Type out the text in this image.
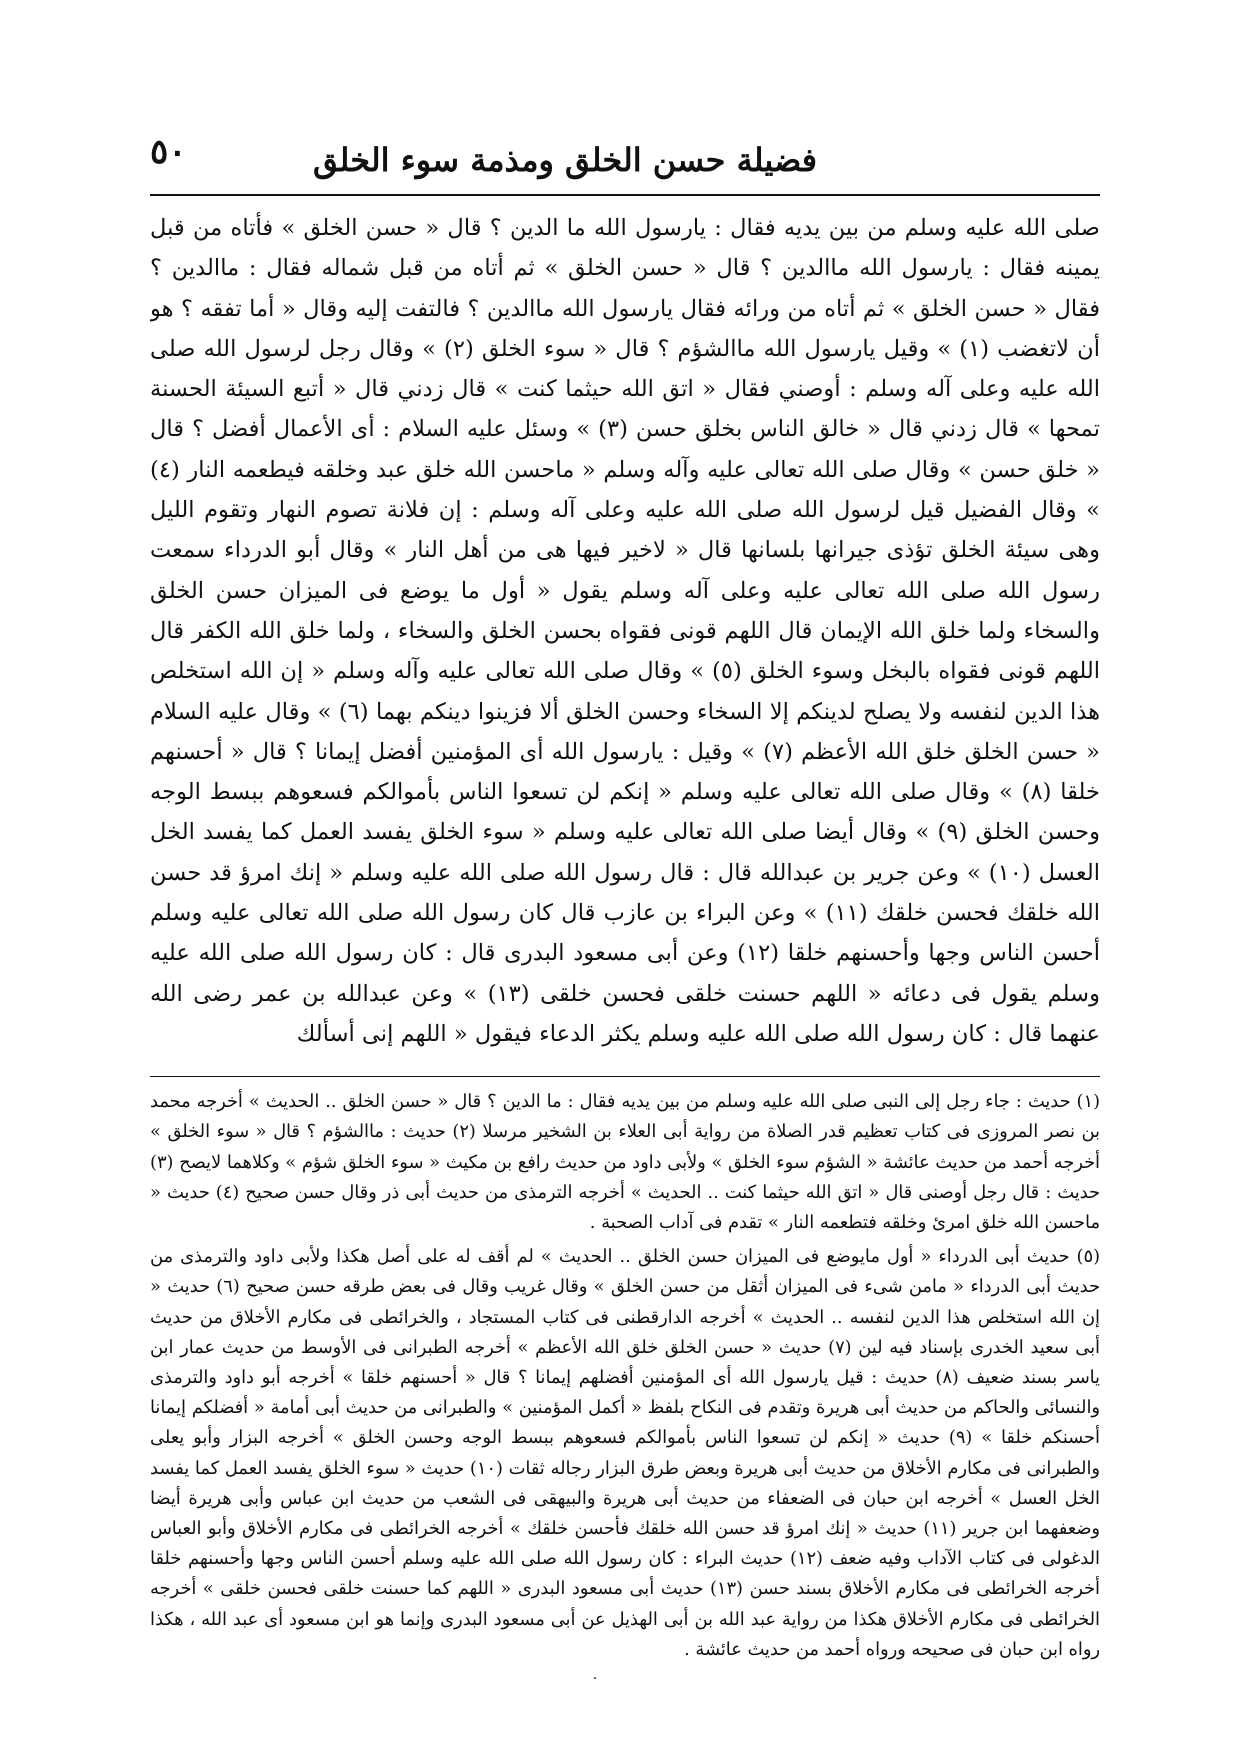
فضيلة حسن الخلق ومذمة سوء الخلق
٥٠

صلى الله عليه وسلم من بين يديه فقال : يارسول الله ما الدين ؟ قال « حسن الخلق » فأتاه من قبل يمينه فقال : يارسول الله ماالدين ؟ قال « حسن الخلق » ثم أتاه من قبل شماله فقال : ماالدين ؟ فقال « حسن الخلق » ثم أتاه من ورائه فقال يارسول الله ماالدين ؟ فالتفت إليه وقال « أما تفقه ؟ هو أن لاتغضب (١) » وقيل يارسول الله ماالشؤم ؟ قال « سوء الخلق (٢) » وقال رجل لرسول الله صلى الله عليه وعلى آله وسلم : أوصني فقال « اتق الله حيثما كنت » قال زدني قال « أتبع السيئة الحسنة تمحها » قال زدني قال « خالق الناس بخلق حسن (٣) » وسئل عليه السلام : أى الأعمال أفضل ؟ قال « خلق حسن » وقال صلى الله تعالى عليه وآله وسلم « ماحسن الله خلق عبد وخلقه فيطعمه النار (٤) » وقال الفضيل قيل لرسول الله صلى الله عليه وعلى آله وسلم : إن فلانة تصوم النهار وتقوم الليل وهى سيئة الخلق تؤذى جيرانها بلسانها قال « لاخير فيها هى من أهل النار » وقال أبو الدرداء سمعت رسول الله صلى الله تعالى عليه وعلى آله وسلم يقول « أول ما يوضع فى الميزان حسن الخلق والسخاء ولما خلق الله الإيمان قال اللهم قونى فقواه بحسن الخلق والسخاء ، ولما خلق الله الكفر قال اللهم قونى فقواه بالبخل وسوء الخلق (٥) » وقال صلى الله تعالى عليه وآله وسلم « إن الله استخلص هذا الدين لنفسه ولا يصلح لدينكم إلا السخاء وحسن الخلق ألا فزينوا دينكم بهما (٦) » وقال عليه السلام « حسن الخلق خلق الله الأعظم (٧) » وقيل : يارسول الله أى المؤمنين أفضل إيمانا ؟ قال « أحسنهم خلقا (٨) » وقال صلى الله تعالى عليه وسلم « إنكم لن تسعوا الناس بأموالكم فسعوهم ببسط الوجه وحسن الخلق (٩) » وقال أيضا صلى الله تعالى عليه وسلم « سوء الخلق يفسد العمل كما يفسد الخل العسل (١٠) » وعن جرير بن عبدالله قال : قال رسول الله صلى الله عليه وسلم « إنك امرؤ قد حسن الله خلقك فحسن خلقك (١١) » وعن البراء بن عازب قال كان رسول الله صلى الله تعالى عليه وسلم أحسن الناس وجها وأحسنهم خلقا (١٢) وعن أبى مسعود البدرى قال : كان رسول الله صلى الله عليه وسلم يقول فى دعائه « اللهم حسنت خلقى فحسن خلقى (١٣) » وعن عبدالله بن عمر رضى الله عنهما قال : كان رسول الله صلى الله عليه وسلم يكثر الدعاء فيقول « اللهم إنى أسألك

(١) حديث : جاء رجل إلى النبى صلى الله عليه وسلم من بين يديه فقال : ما الدين ؟ قال « حسن الخلق .. الحديث » أخرجه محمد بن نصر المروزى فى كتاب تعظيم قدر الصلاة من رواية أبى العلاء بن الشخير مرسلا (٢) حديث : ماالشؤم ؟ قال « سوء الخلق » أخرجه أحمد من حديث عائشة « الشؤم سوء الخلق » ولأبى داود من حديث رافع بن مكيث « سوء الخلق شؤم » وكلاهما لايصح (٣) حديث : قال رجل أوصنى قال « اتق الله حيثما كنت .. الحديث » أخرجه الترمذى من حديث أبى ذر وقال حسن صحيح (٤) حديث « ماحسن الله خلق امرئ وخلقه فتطعمه النار » تقدم فى آداب الصحبة .

(٥) حديث أبى الدرداء « أول مايوضع فى الميزان حسن الخلق .. الحديث » لم أقف له على أصل هكذا ولأبى داود والترمذى من حديث أبى الدرداء « مامن شىء فى الميزان أثقل من حسن الخلق » وقال غريب وقال فى بعض طرقه حسن صحيح (٦) حديث « إن الله استخلص هذا الدين لنفسه .. الحديث » أخرجه الدارقطنى فى كتاب المستجاد ، والخرائطى فى مكارم الأخلاق من حديث أبى سعيد الخدرى بإسناد فيه لين (٧) حديث « حسن الخلق خلق الله الأعظم » أخرجه الطبرانى فى الأوسط من حديث عمار ابن ياسر بسند ضعيف (٨) حديث : قيل يارسول الله أى المؤمنين أفضلهم إيمانا ؟ قال « أحسنهم خلقا » أخرجه أبو داود والترمذى والنسائى والحاكم من حديث أبى هريرة وتقدم فى النكاح بلفظ « أكمل المؤمنين » والطبرانى من حديث أبى أمامة « أفضلكم إيمانا أحسنكم خلقا » (٩) حديث « إنكم لن تسعوا الناس بأموالكم فسعوهم ببسط الوجه وحسن الخلق » أخرجه البزار وأبو يعلى والطبرانى فى مكارم الأخلاق من حديث أبى هريرة وبعض طرق البزار رجاله ثقات (١٠) حديث « سوء الخلق يفسد العمل كما يفسد الخل العسل » أخرجه ابن حبان فى الضعفاء من حديث أبى هريرة والبيهقى فى الشعب من حديث ابن عباس وأبى هريرة أيضا وضعفهما ابن جرير (١١) حديث « إنك امرؤ قد حسن الله خلقك فأحسن خلقك » أخرجه الخرائطى فى مكارم الأخلاق وأبو العباس الدغولى فى كتاب الآداب وفيه ضعف (١٢) حديث البراء : كان رسول الله صلى الله عليه وسلم أحسن الناس وجها وأحسنهم خلقا أخرجه الخرائطى فى مكارم الأخلاق بسند حسن (١٣) حديث أبى مسعود البدرى « اللهم كما حسنت خلقى فحسن خلقى » أخرجه الخرائطى فى مكارم الأخلاق هكذا من رواية عبد الله بن أبى الهذيل عن أبى مسعود البدرى وإنما هو ابن مسعود أى عبد الله ، هكذا رواه ابن حبان فى صحيحه ورواه أحمد من حديث عائشة .

٠
